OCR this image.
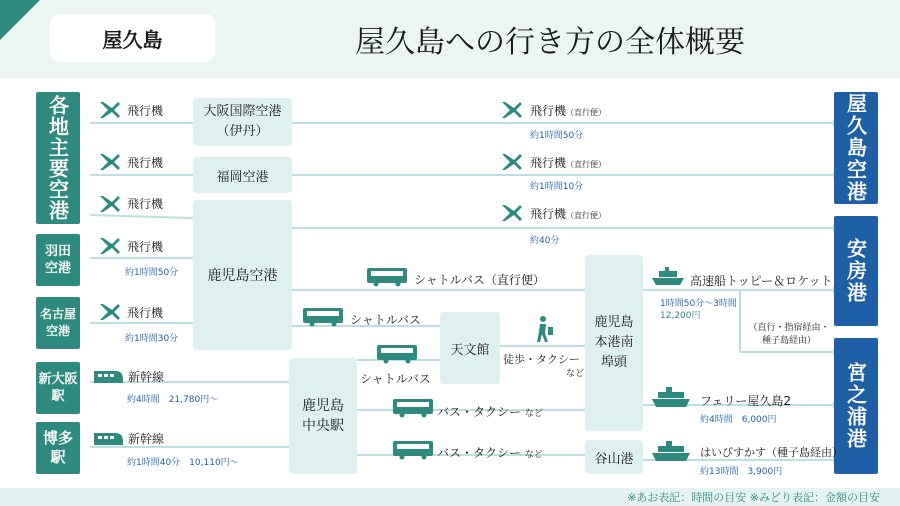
屋久島	屋久島への行き方の全体概要
各地主要空港
羽田空港
名古屋空港
新大阪駅
博多駅
大阪国際空港（伊丹）
福岡空港
鹿児島空港
鹿児島中央駅
天文館
鹿児島本港南埠頭
谷山港
屋久島空港
安房港
宮之浦港
飛行機
飛行機
飛行機
飛行機
約1時間50分
飛行機
約1時間30分
飛行機（直行便）
約1時間50分
飛行機（直行便）
約1時間10分
飛行機（直行便）
約40分
新幹線
約4時間　21,780円〜
新幹線
約1時間40分　10,110円〜
シャトルバス（直行便）
シャトルバス
シャトルバス
バス・タクシー など
バス・タクシー など
徒歩・タクシー
など
高速船トッピー＆ロケット
1時間50分〜3時間
12,200円
（直行・指宿経由・種子島経由）
フェリー屋久島2
約4時間　6,000円
はいびすかす（種子島経由）
約13時間　3,900円
※あお表記：時間の目安 ※みどり表記：金額の目安
